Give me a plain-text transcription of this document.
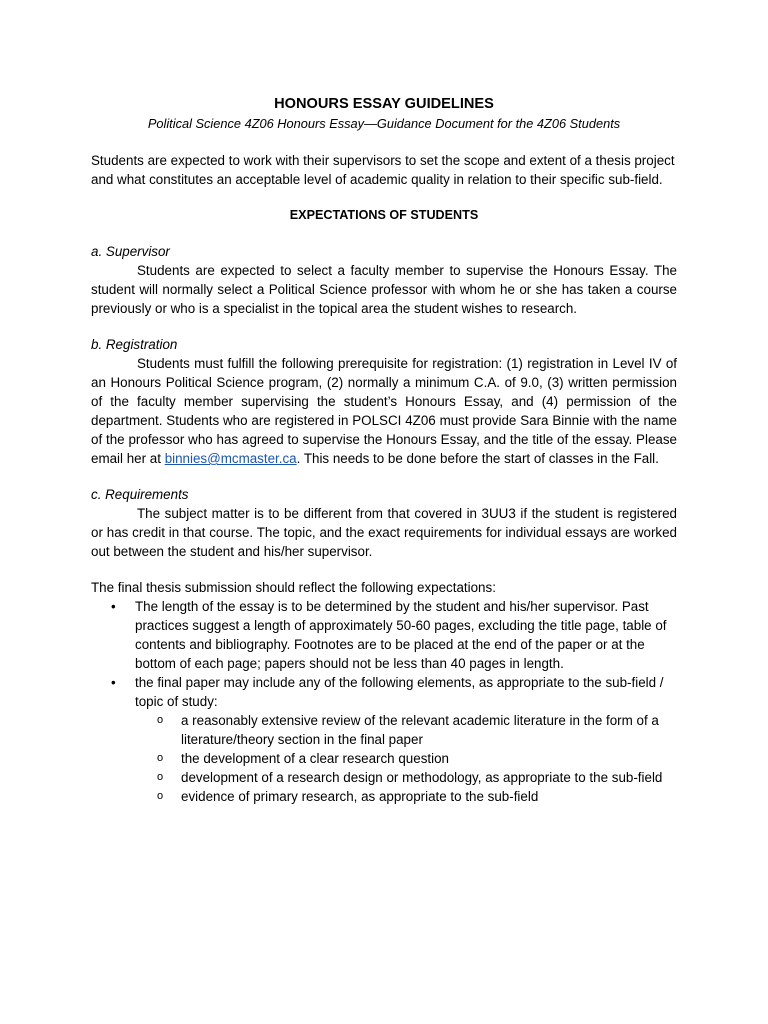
HONOURS ESSAY GUIDELINES

Political Science 4Z06 Honours Essay—Guidance Document for the 4Z06 Students

Students are expected to work with their supervisors to set the scope and extent of a thesis project and what constitutes an acceptable level of academic quality in relation to their specific sub-field.

EXPECTATIONS OF STUDENTS

a. Supervisor

Students are expected to select a faculty member to supervise the Honours Essay. The student will normally select a Political Science professor with whom he or she has taken a course previously or who is a specialist in the topical area the student wishes to research.

b. Registration

Students must fulfill the following prerequisite for registration: (1) registration in Level IV of an Honours Political Science program, (2) normally a minimum C.A. of 9.0, (3) written permission of the faculty member supervising the student’s Honours Essay, and (4) permission of the department. Students who are registered in POLSCI 4Z06 must provide Sara Binnie with the name of the professor who has agreed to supervise the Honours Essay, and the title of the essay. Please email her at binnies@mcmaster.ca. This needs to be done before the start of classes in the Fall.

c. Requirements

The subject matter is to be different from that covered in 3UU3 if the student is registered or has credit in that course. The topic, and the exact requirements for individual essays are worked out between the student and his/her supervisor.

The final thesis submission should reflect the following expectations:

• The length of the essay is to be determined by the student and his/her supervisor. Past practices suggest a length of approximately 50-60 pages, excluding the title page, table of contents and bibliography. Footnotes are to be placed at the end of the paper or at the bottom of each page; papers should not be less than 40 pages in length.
• the final paper may include any of the following elements, as appropriate to the sub-field / topic of study:
o a reasonably extensive review of the relevant academic literature in the form of a literature/theory section in the final paper
o the development of a clear research question
o development of a research design or methodology, as appropriate to the sub-field
o evidence of primary research, as appropriate to the sub-field
